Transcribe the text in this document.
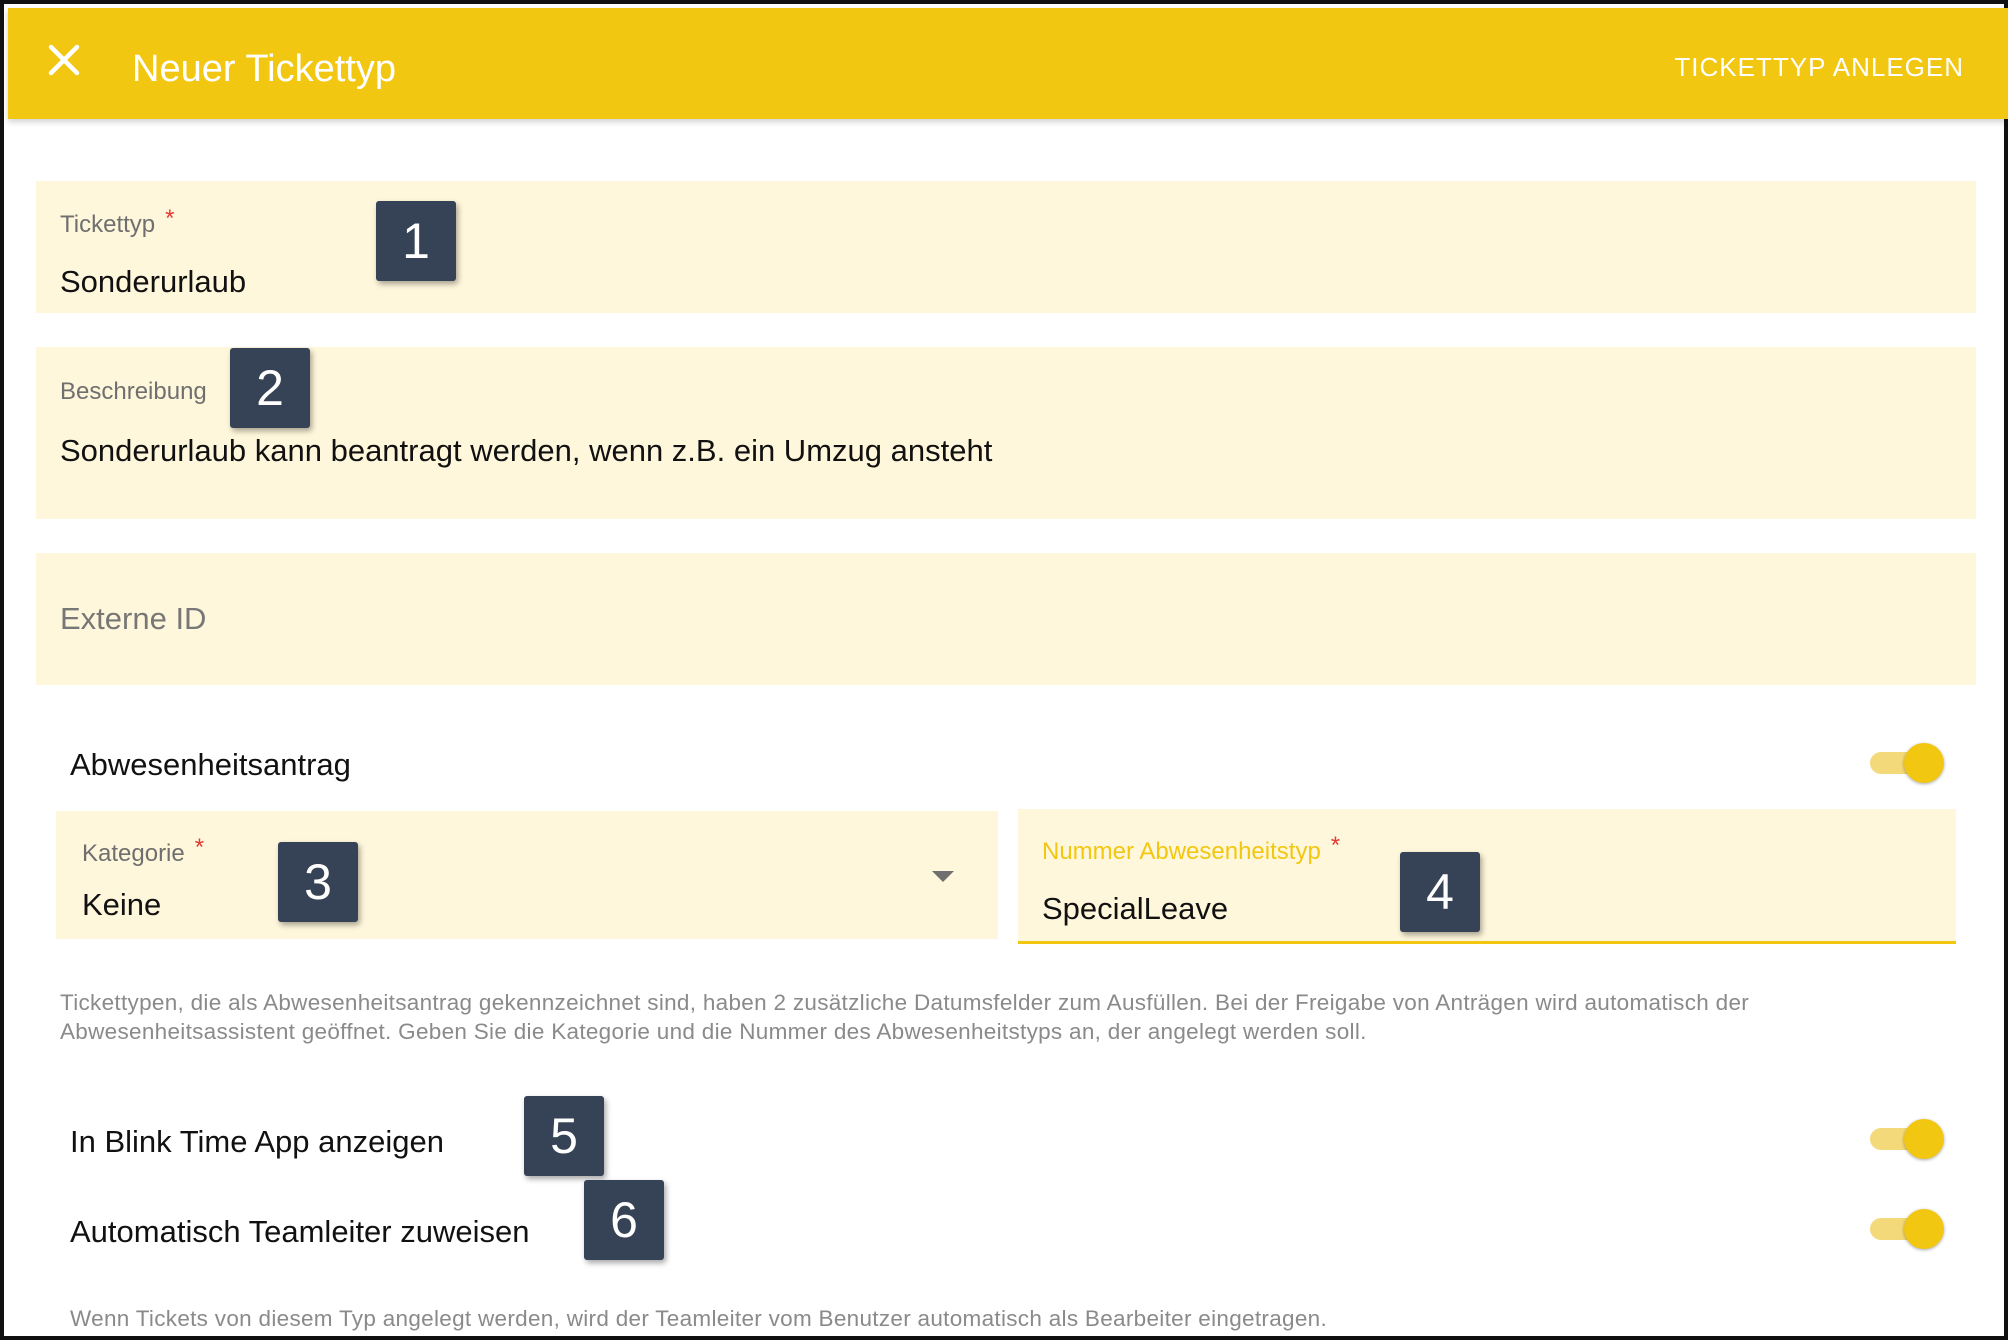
Neuer Tickettyp	TICKETTYP ANLEGEN
Tickettyp *
Sonderurlaub
Beschreibung
Sonderurlaub kann beantragt werden, wenn z.B. ein Umzug ansteht
Externe ID
Abwesenheitsantrag
Kategorie *
Keine
Nummer Abwesenheitstyp *
SpecialLeave
Tickettypen, die als Abwesenheitsantrag gekennzeichnet sind, haben 2 zusätzliche Datumsfelder zum Ausfüllen. Bei der Freigabe von Anträgen wird automatisch der Abwesenheitsassistent geöffnet. Geben Sie die Kategorie und die Nummer des Abwesenheitstyps an, der angelegt werden soll.
In Blink Time App anzeigen
Automatisch Teamleiter zuweisen
Wenn Tickets von diesem Typ angelegt werden, wird der Teamleiter vom Benutzer automatisch als Bearbeiter eingetragen.
1
2
3	4
5
6
